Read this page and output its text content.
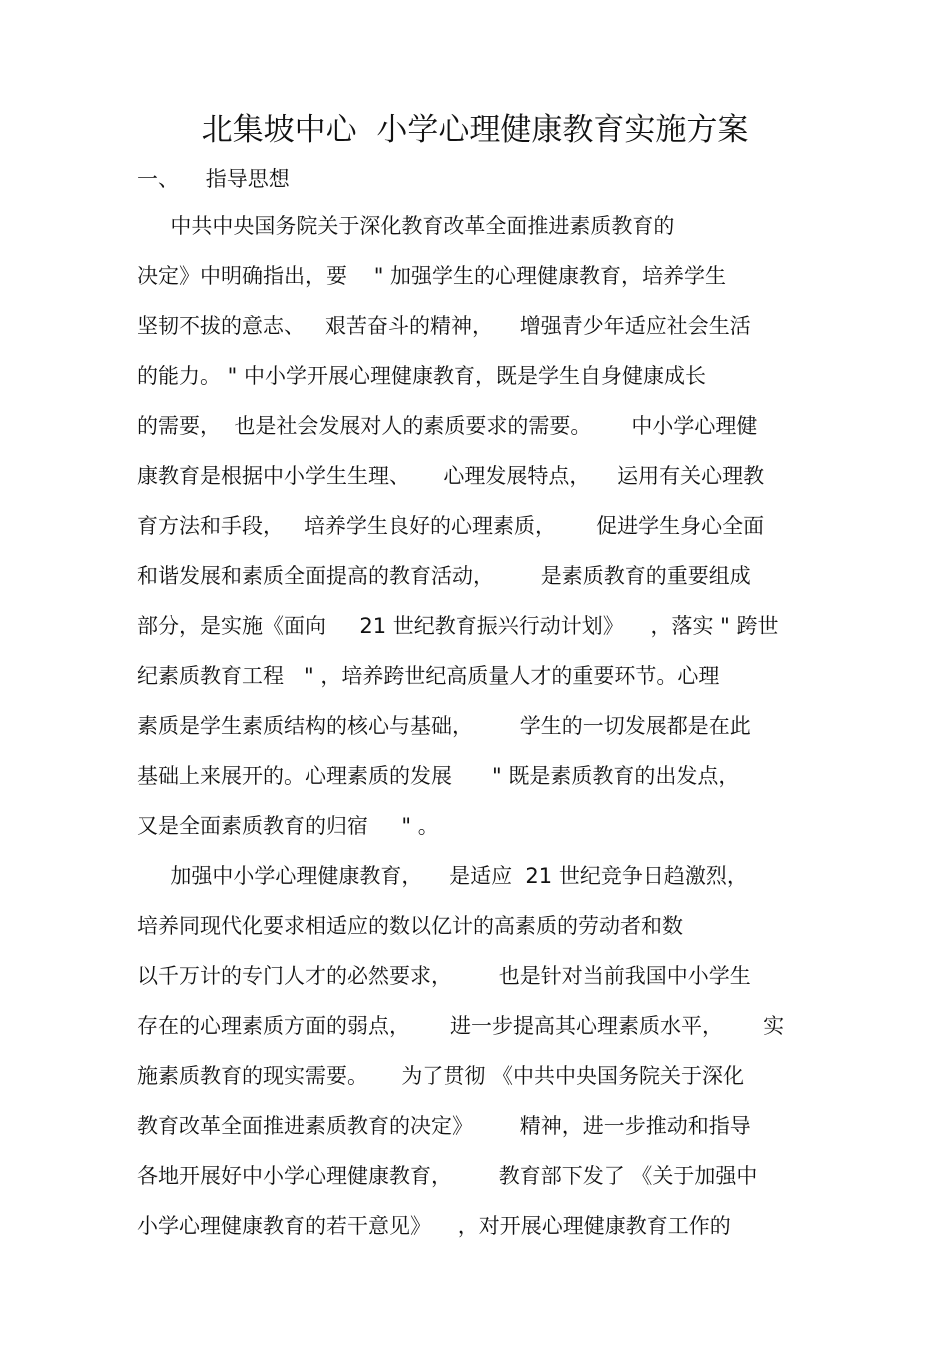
北集坡中心  小学心理健康教育实施方案
一、    指导思想
中共中央国务院关于深化教育改革全面推进素质教育的
决定》中明确指出，要    " 加强学生的心理健康教育，培养学生
坚韧不拔的意志、   艰苦奋斗的精神，    增强青少年适应社会生活
的能力。 " 中小学开展心理健康教育，既是学生自身健康成长
的需要，  也是社会发展对人的素质要求的需要。      中小学心理健
康教育是根据中小学生生理、     心理发展特点，    运用有关心理教
育方法和手段，   培养学生良好的心理素质，      促进学生身心全面
和谐发展和素质全面提高的教育活动，       是素质教育的重要组成
部分，是实施《面向     21 世纪教育振兴行动计划》    ，落实 " 跨世
纪素质教育工程   " ，培养跨世纪高质量人才的重要环节。心理
素质是学生素质结构的核心与基础，       学生的一切发展都是在此
基础上来展开的。心理素质的发展      " 既是素质教育的出发点，
又是全面素质教育的归宿     " 。
加强中小学心理健康教育，    是适应  21 世纪竞争日趋激烈，
培养同现代化要求相适应的数以亿计的高素质的劳动者和数
以千万计的专门人才的必然要求，       也是针对当前我国中小学生
存在的心理素质方面的弱点，      进一步提高其心理素质水平，      实
施素质教育的现实需要。     为了贯彻 《中共中央国务院关于深化
教育改革全面推进素质教育的决定》       精神，进一步推动和指导
各地开展好中小学心理健康教育，       教育部下发了 《关于加强中
小学心理健康教育的若干意见》    ，对开展心理健康教育工作的
